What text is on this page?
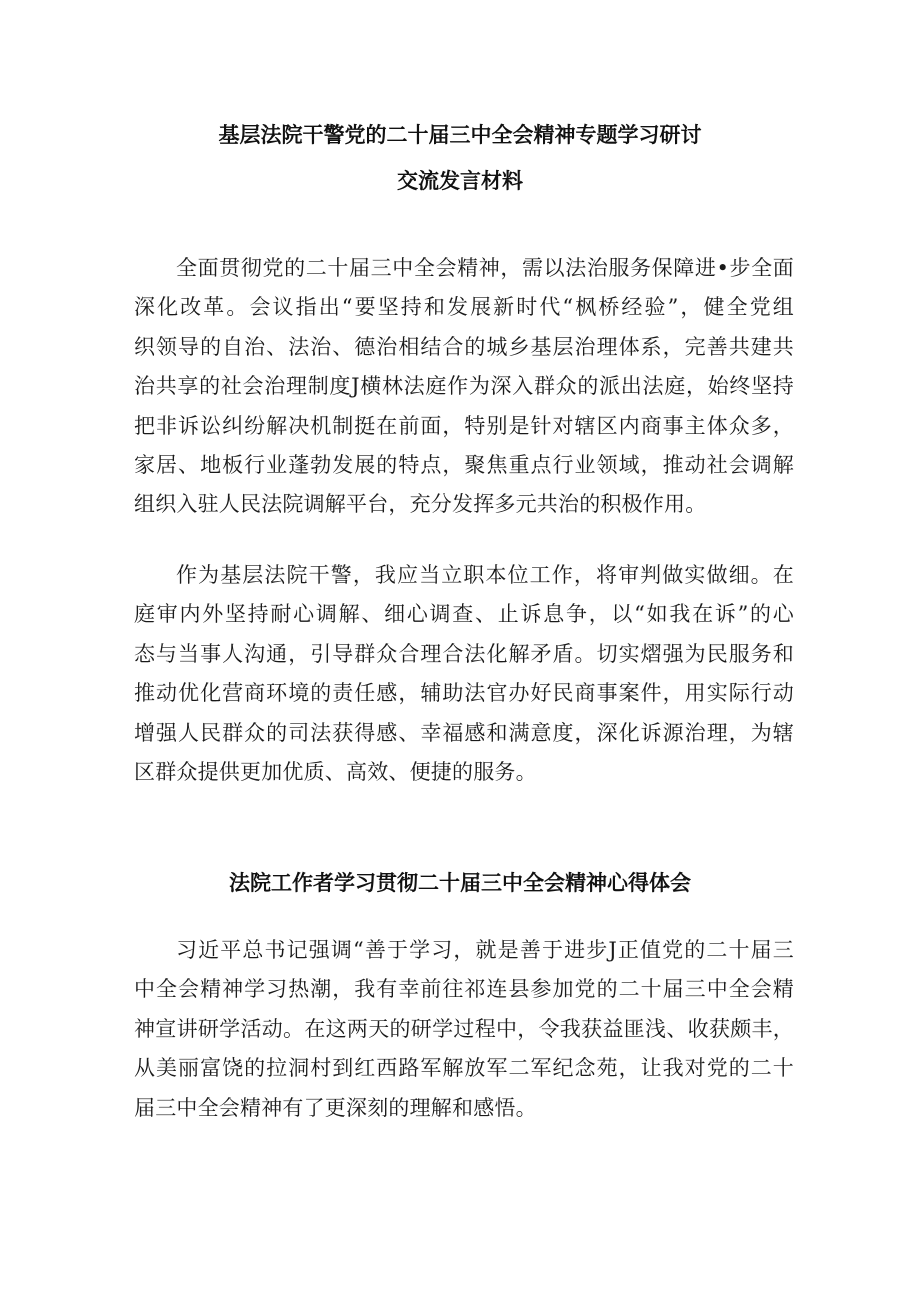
基层法院干警党的二十届三中全会精神专题学习研讨
交流发言材料
全面贯彻党的二十届三中全会精神，需以法治服务保障进•步全面
深化改革。会议指出“要坚持和发展新时代“枫桥经验”，健全党组
织领导的自治、法治、德治相结合的城乡基层治理体系，完善共建共
治共享的社会治理制度J横林法庭作为深入群众的派出法庭，始终坚持
把非诉讼纠纷解决机制挺在前面，特别是针对辖区内商事主体众多，
家居、地板行业蓬勃发展的特点，聚焦重点行业领域，推动社会调解
组织入驻人民法院调解平台，充分发挥多元共治的积极作用。
作为基层法院干警，我应当立职本位工作，将审判做实做细。在
庭审内外坚持耐心调解、细心调查、止诉息争，以“如我在诉”的心
态与当事人沟通，引导群众合理合法化解矛盾。切实熠强为民服务和
推动优化营商环境的责任感，辅助法官办好民商事案件，用实际行动
增强人民群众的司法获得感、幸福感和满意度，深化诉源治理，为辖
区群众提供更加优质、高效、便捷的服务。
法院工作者学习贯彻二十届三中全会精神心得体会
习近平总书记强调“善于学习，就是善于进步J正值党的二十届三
中全会精神学习热潮，我有幸前往祁连县参加党的二十届三中全会精
神宣讲研学活动。在这两天的研学过程中，令我获益匪浅、收获颇丰，
从美丽富饶的拉洞村到红西路军解放军二军纪念苑，让我对党的二十
届三中全会精神有了更深刻的理解和感悟。
